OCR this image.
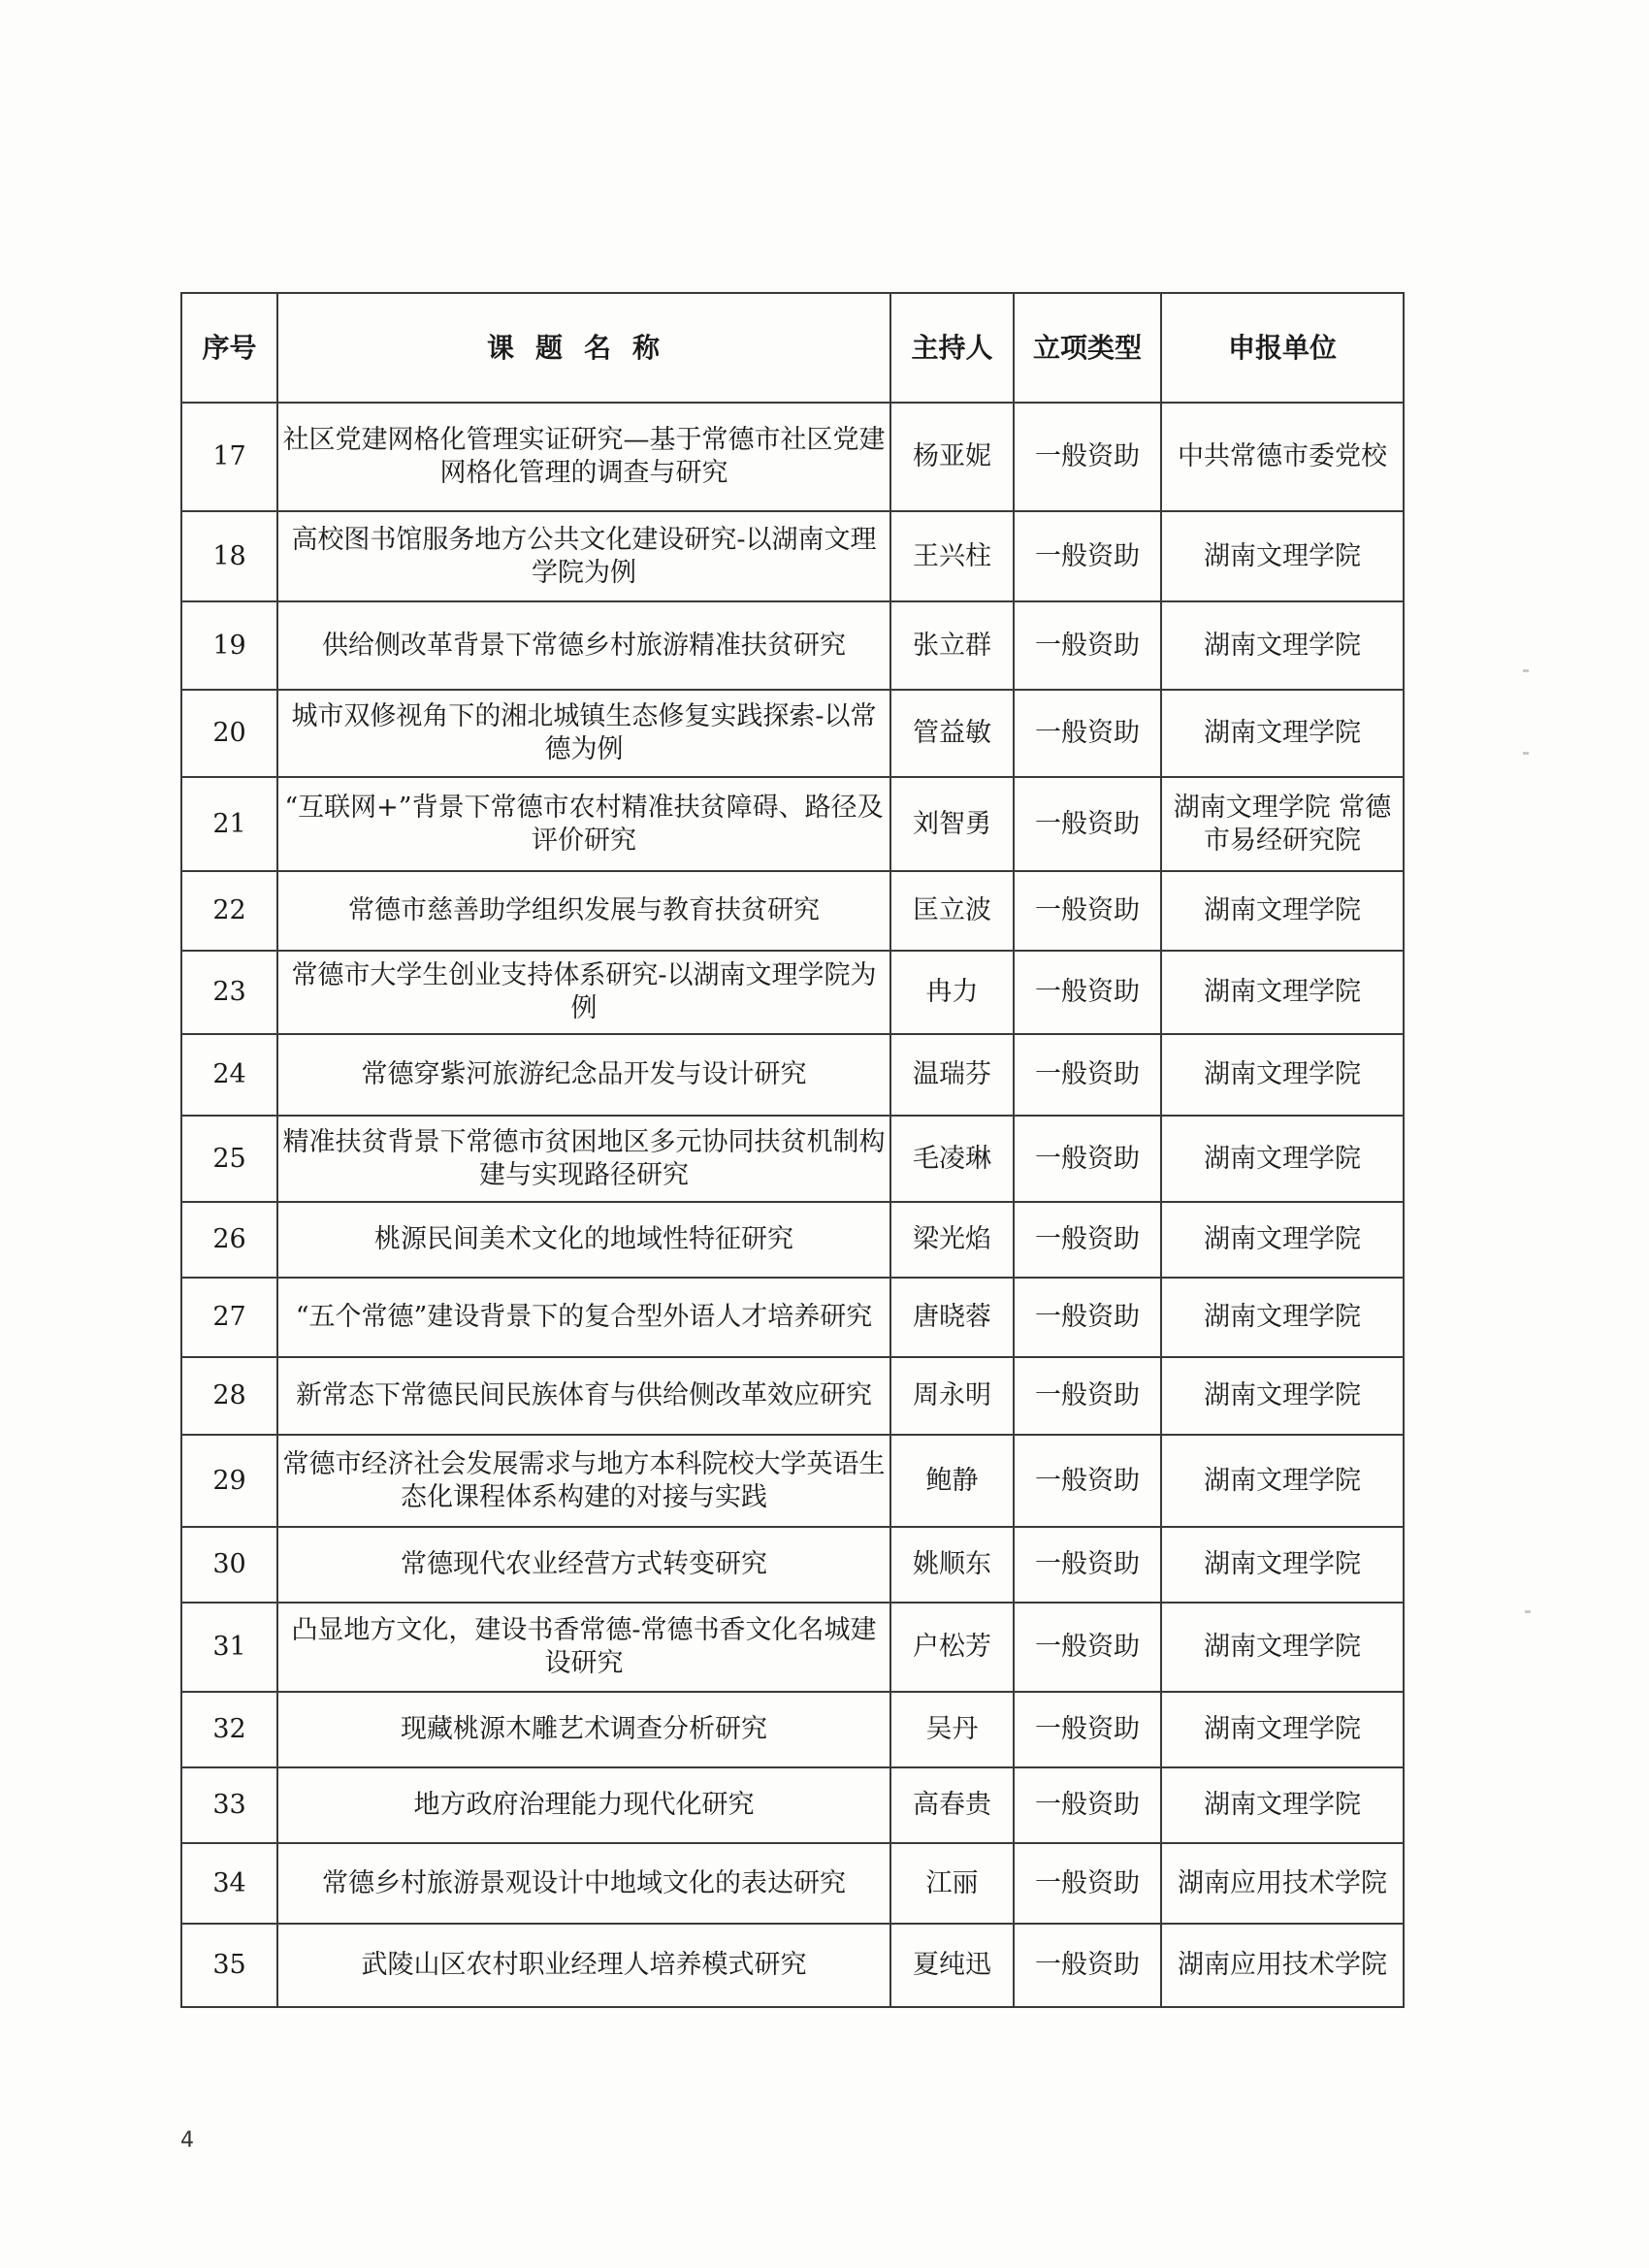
序号	课题名称	主持人	立项类型	申报单位
17	社区党建网格化管理实证研究—基于常德市社区党建网格化管理的调查与研究	杨亚妮	一般资助	中共常德市委党校
18	高校图书馆服务地方公共文化建设研究-以湖南文理学院为例	王兴柱	一般资助	湖南文理学院
19	供给侧改革背景下常德乡村旅游精准扶贫研究	张立群	一般资助	湖南文理学院
20	城市双修视角下的湘北城镇生态修复实践探索-以常德为例	管益敏	一般资助	湖南文理学院
21	“互联网+”背景下常德市农村精准扶贫障碍、路径及评价研究	刘智勇	一般资助	湖南文理学院 常德市易经研究院
22	常德市慈善助学组织发展与教育扶贫研究	匡立波	一般资助	湖南文理学院
23	常德市大学生创业支持体系研究-以湖南文理学院为例	冉力	一般资助	湖南文理学院
24	常德穿紫河旅游纪念品开发与设计研究	温瑞芬	一般资助	湖南文理学院
25	精准扶贫背景下常德市贫困地区多元协同扶贫机制构建与实现路径研究	毛凌琳	一般资助	湖南文理学院
26	桃源民间美术文化的地域性特征研究	梁光焰	一般资助	湖南文理学院
27	“五个常德”建设背景下的复合型外语人才培养研究	唐晓蓉	一般资助	湖南文理学院
28	新常态下常德民间民族体育与供给侧改革效应研究	周永明	一般资助	湖南文理学院
29	常德市经济社会发展需求与地方本科院校大学英语生态化课程体系构建的对接与实践	鲍静	一般资助	湖南文理学院
30	常德现代农业经营方式转变研究	姚顺东	一般资助	湖南文理学院
31	凸显地方文化，建设书香常德-常德书香文化名城建设研究	户松芳	一般资助	湖南文理学院
32	现藏桃源木雕艺术调查分析研究	吴丹	一般资助	湖南文理学院
33	地方政府治理能力现代化研究	高春贵	一般资助	湖南文理学院
34	常德乡村旅游景观设计中地域文化的表达研究	江丽	一般资助	湖南应用技术学院
35	武陵山区农村职业经理人培养模式研究	夏纯迅	一般资助	湖南应用技术学院
4
